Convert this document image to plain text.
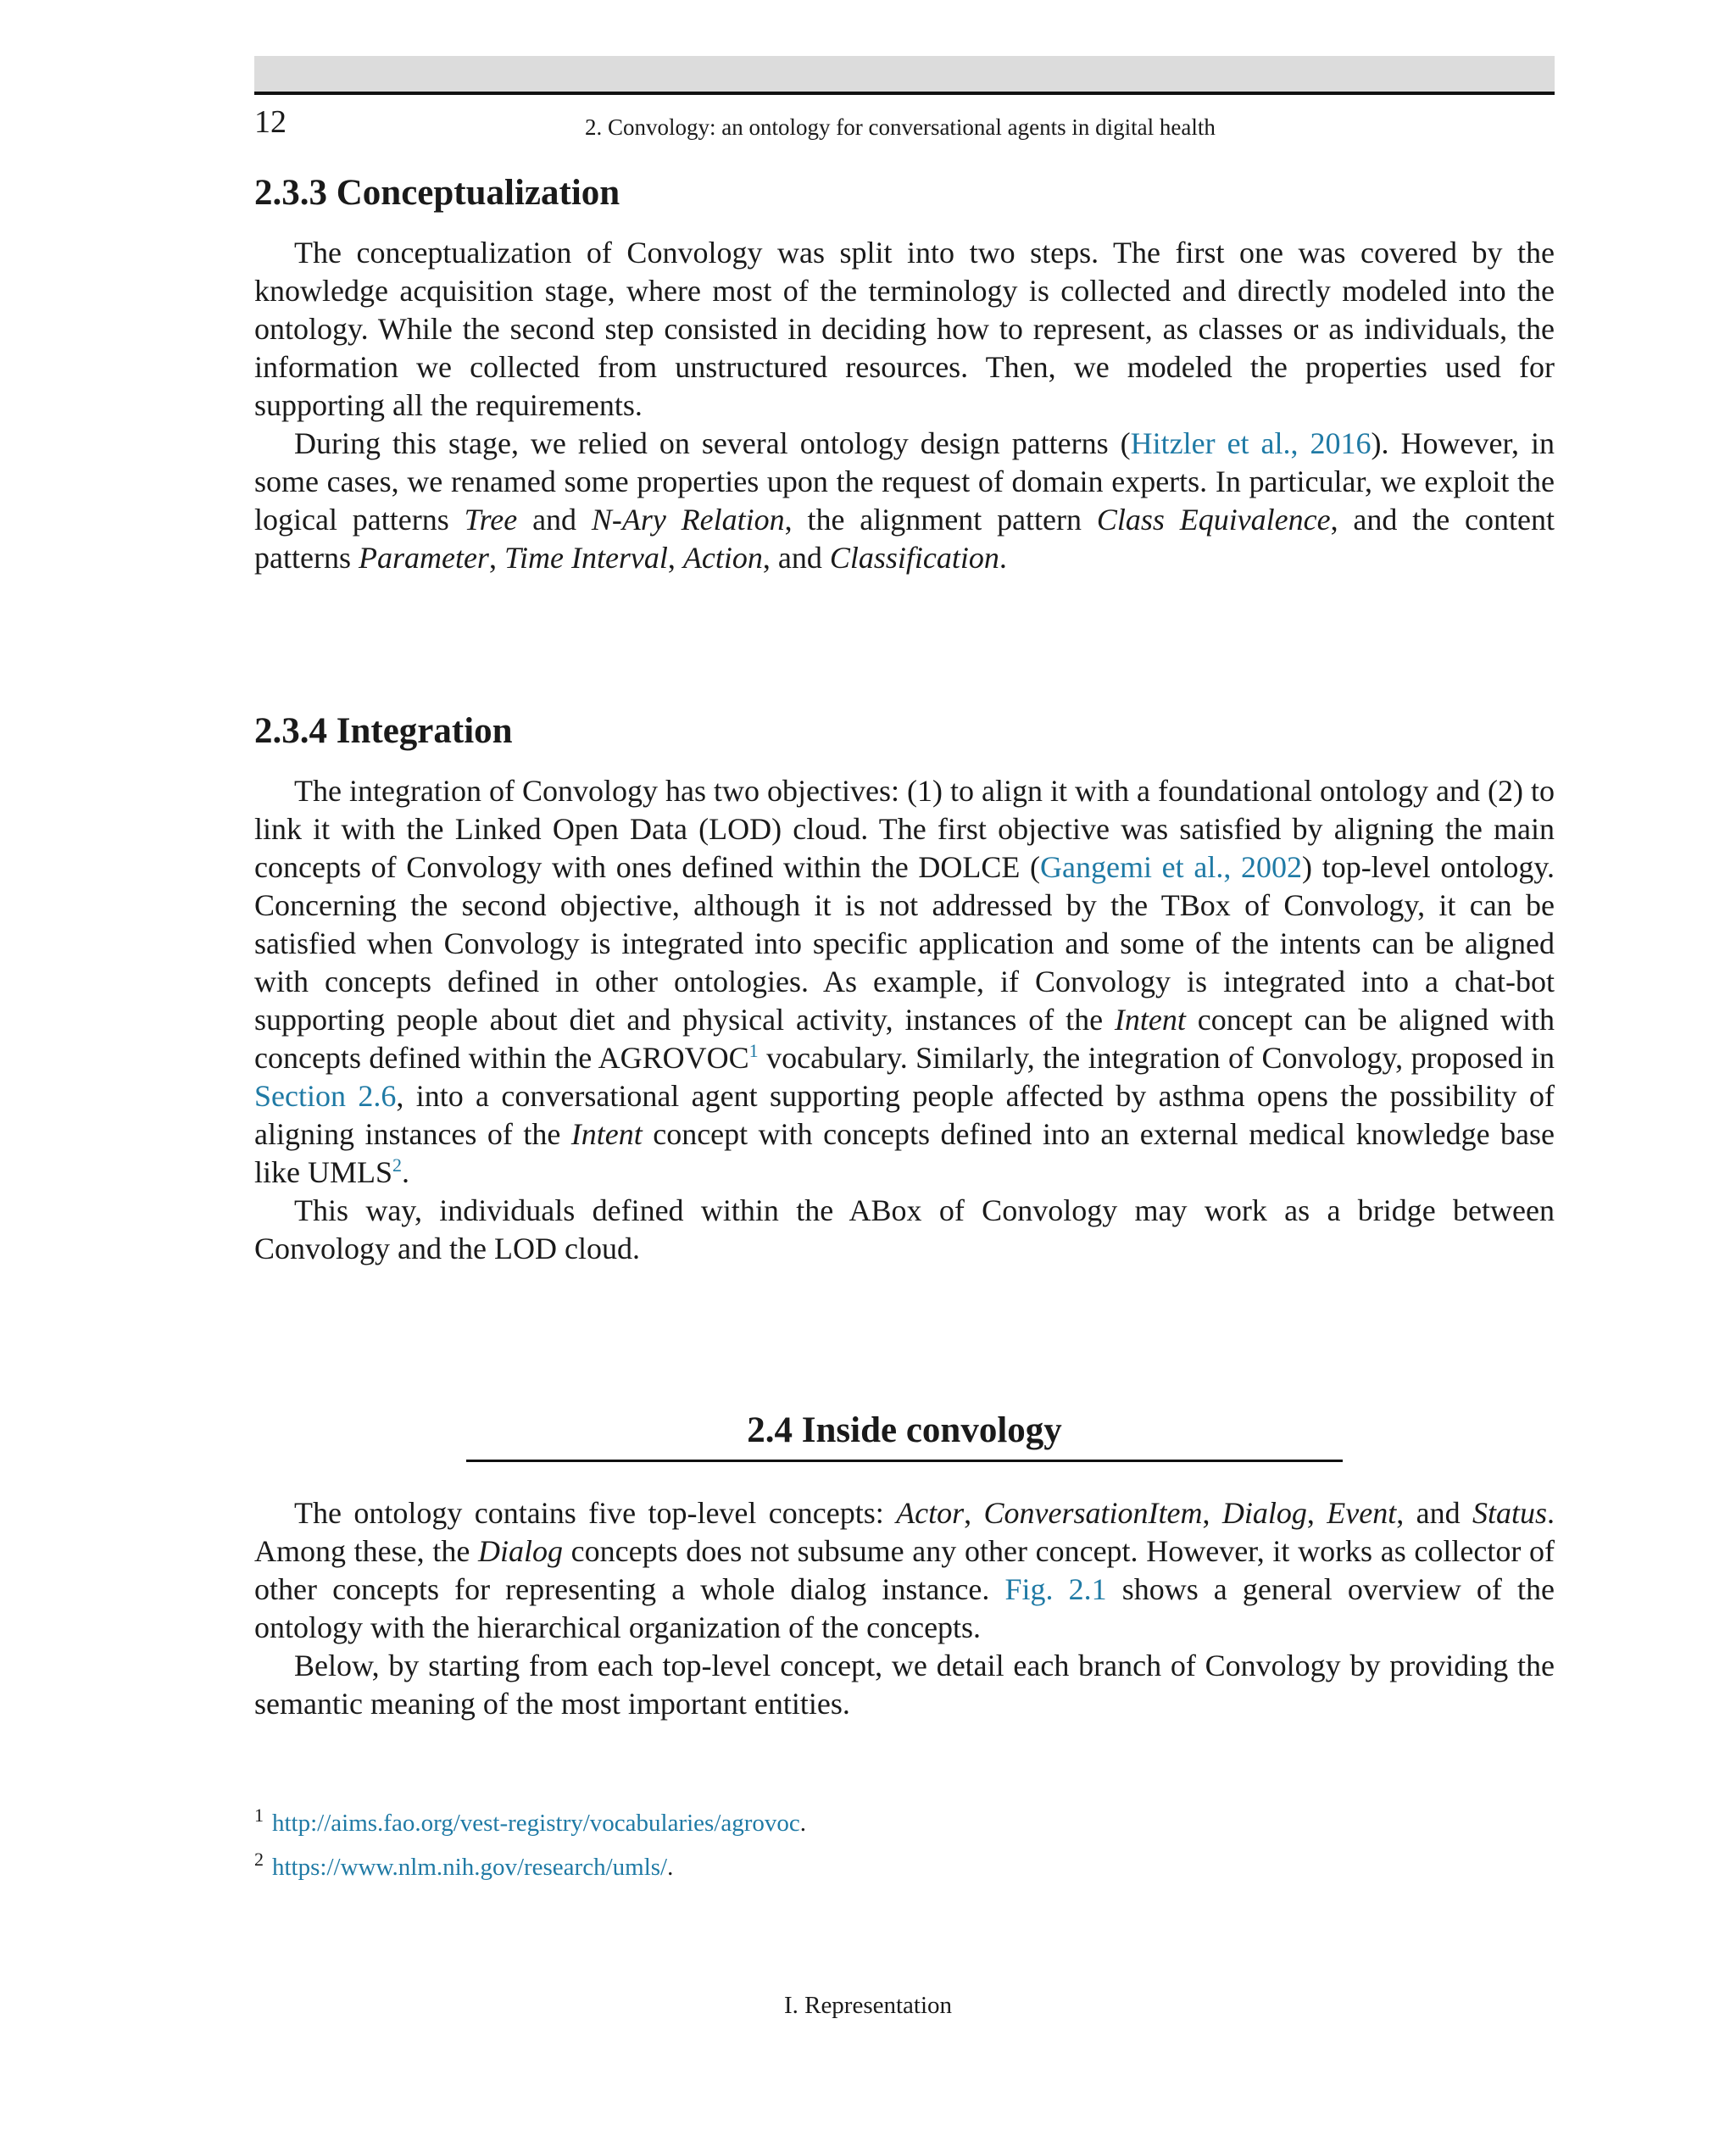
12	2. Convology: an ontology for conversational agents in digital health
2.3.3 Conceptualization

The conceptualization of Convology was split into two steps. The first one was covered by the knowledge acquisition stage, where most of the terminology is collected and directly modeled into the ontology. While the second step consisted in deciding how to represent, as classes or as individuals, the information we collected from unstructured resources. Then, we modeled the properties used for supporting all the requirements.

During this stage, we relied on several ontology design patterns (Hitzler et al., 2016). However, in some cases, we renamed some properties upon the request of domain experts. In particular, we exploit the logical patterns Tree and N-Ary Relation, the alignment pattern Class Equivalence, and the content patterns Parameter, Time Interval, Action, and Classification.

2.3.4 Integration

The integration of Convology has two objectives: (1) to align it with a foundational ontology and (2) to link it with the Linked Open Data (LOD) cloud. The first objective was satisfied by aligning the main concepts of Convology with ones defined within the DOLCE (Gangemi et al., 2002) top-level ontology. Concerning the second objective, although it is not addressed by the TBox of Convology, it can be satisfied when Convology is integrated into specific application and some of the intents can be aligned with concepts defined in other ontologies. As example, if Convology is integrated into a chat-bot supporting people about diet and physical activity, instances of the Intent concept can be aligned with concepts defined within the AGROVOC$^1$ vocabulary. Similarly, the integration of Convology, proposed in Section 2.6, into a conversational agent supporting people affected by asthma opens the possibility of aligning instances of the Intent concept with concepts defined into an external medical knowledge base like UMLS$^2$.

This way, individuals defined within the ABox of Convology may work as a bridge between Convology and the LOD cloud.

2.4 Inside convology

The ontology contains five top-level concepts: Actor, ConversationItem, Dialog, Event, and Status. Among these, the Dialog concepts does not subsume any other concept. However, it works as collector of other concepts for representing a whole dialog instance. Fig. 2.1 shows a general overview of the ontology with the hierarchical organization of the concepts.

Below, by starting from each top-level concept, we detail each branch of Convology by providing the semantic meaning of the most important entities.

$^1$ http://aims.fao.org/vest-registry/vocabularies/agrovoc.
$^2$ https://www.nlm.nih.gov/research/umls/.
I. Representation
